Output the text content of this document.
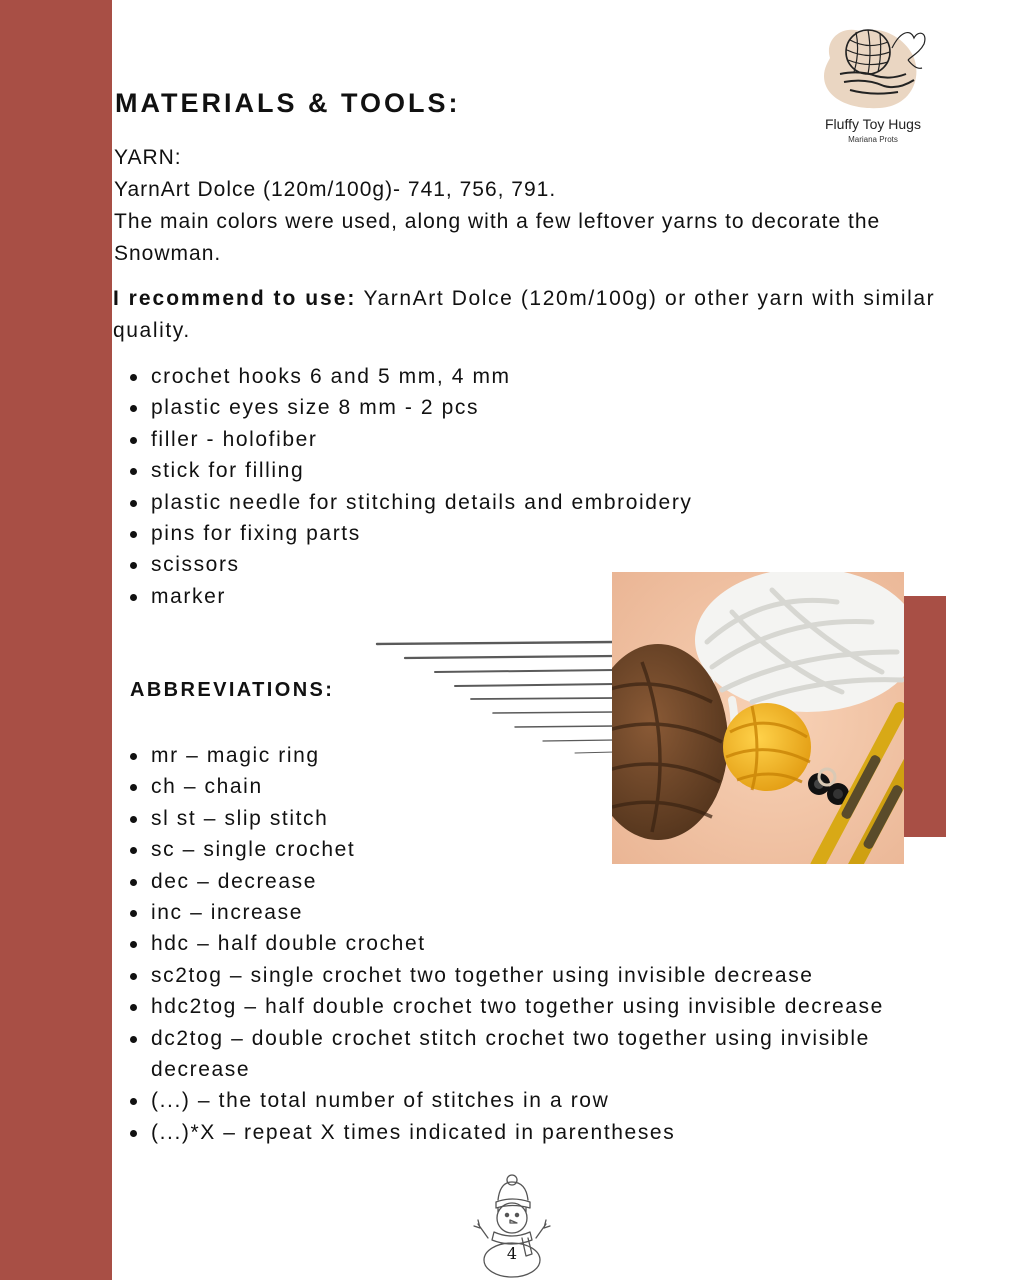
Fluffy Toy Hugs
Mariana Prots
MATERIALS & TOOLS:
YARN:
YarnArt Dolce (120m/100g)- 741, 756, 791.
The main colors were used, along with a few leftover yarns to decorate the Snowman.
I recommend to use: YarnArt Dolce (120m/100g) or other yarn with similar quality.
crochet hooks 6 and 5 mm, 4 mm
plastic eyes size 8 mm - 2 pcs
filler - holofiber
stick for filling
plastic needle for stitching details and embroidery
pins for fixing parts
scissors
marker
ABBREVIATIONS:
mr – magic ring
ch – chain
sl st – slip stitch
sc – single crochet
dec – decrease
inc – increase
hdc – half double crochet
sc2tog – single crochet two together using invisible decrease
hdc2tog – half double crochet two together using invisible decrease
dc2tog – double crochet stitch crochet two together using invisible decrease
(...) – the total number of stitches in a row
(...)*X – repeat X times indicated in parentheses
4
